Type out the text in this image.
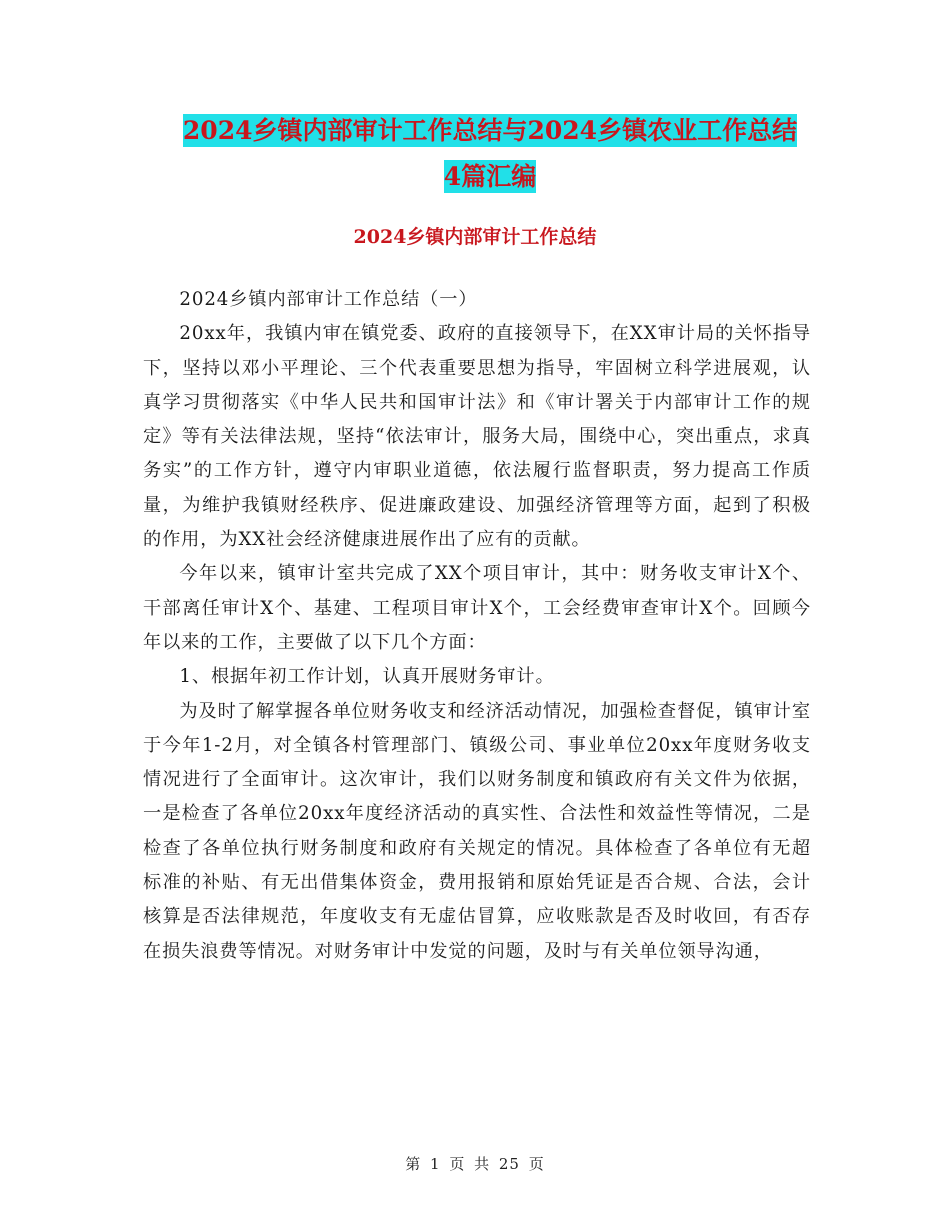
2024乡镇内部审计工作总结与2024乡镇农业工作总结
4篇汇编
2024乡镇内部审计工作总结

2024乡镇内部审计工作总结（一）

20xx年，我镇内审在镇党委、政府的直接领导下，在XX审计局的关怀指导下，坚持以邓小平理论、三个代表重要思想为指导，牢固树立科学进展观，认真学习贯彻落实《中华人民共和国审计法》和《审计署关于内部审计工作的规定》等有关法律法规，坚持“依法审计，服务大局，围绕中心，突出重点，求真务实”的工作方针，遵守内审职业道德，依法履行监督职责，努力提高工作质量，为维护我镇财经秩序、促进廉政建设、加强经济管理等方面，起到了积极的作用，为XX社会经济健康进展作出了应有的贡献。

今年以来，镇审计室共完成了XX个项目审计，其中：财务收支审计X个、干部离任审计X个、基建、工程项目审计X个，工会经费审查审计X个。回顾今年以来的工作，主要做了以下几个方面：

1、根据年初工作计划，认真开展财务审计。

为及时了解掌握各单位财务收支和经济活动情况，加强检查督促，镇审计室于今年1-2月，对全镇各村管理部门、镇级公司、事业单位20xx年度财务收支情况进行了全面审计。这次审计，我们以财务制度和镇政府有关文件为依据，一是检查了各单位20xx年度经济活动的真实性、合法性和效益性等情况，二是检查了各单位执行财务制度和政府有关规定的情况。具体检查了各单位有无超标准的补贴、有无出借集体资金，费用报销和原始凭证是否合规、合法，会计核算是否法律规范，年度收支有无虚估冒算，应收账款是否及时收回，有否存在损失浪费等情况。对财务审计中发觉的问题，及时与有关单位领导沟通，

第 1 页 共 25 页
